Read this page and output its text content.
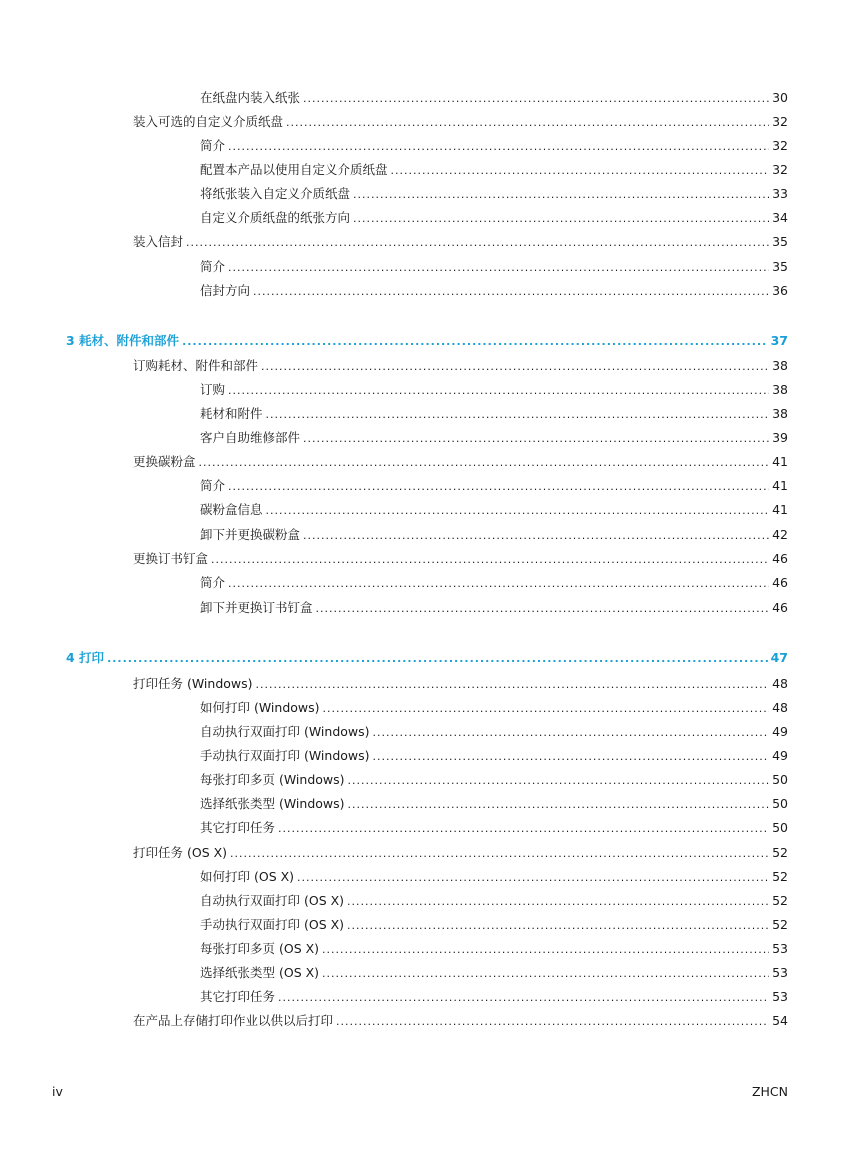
在纸盘内装入纸张 .....	30
装入可选的自定义介质纸盘 .....	32
简介 .....	32
配置本产品以使用自定义介质纸盘 .....	32
将纸张装入自定义介质纸盘 .....	33
自定义介质纸盘的纸张方向 .....	34
装入信封 .....	35
简介 .....	35
信封方向 .....	36
3 耗材、附件和部件 .....	37
订购耗材、附件和部件 .....	38
订购 .....	38
耗材和附件 .....	38
客户自助维修部件 .....	39
更换碳粉盒 .....	41
简介 .....	41
碳粉盒信息 .....	41
卸下并更换碳粉盒 .....	42
更换订书钉盒 .....	46
简介 .....	46
卸下并更换订书钉盒 .....	46
4 打印 .....	47
打印任务 (Windows) .....	48
如何打印 (Windows) .....	48
自动执行双面打印 (Windows) .....	49
手动执行双面打印 (Windows) .....	49
每张打印多页 (Windows) .....	50
选择纸张类型 (Windows) .....	50
其它打印任务 .....	50
打印任务 (OS X) .....	52
如何打印 (OS X) .....	52
自动执行双面打印 (OS X) .....	52
手动执行双面打印 (OS X) .....	52
每张打印多页 (OS X) .....	53
选择纸张类型 (OS X) .....	53
其它打印任务 .....	53
在产品上存储打印作业以供以后打印 .....	54
iv	ZHCN
